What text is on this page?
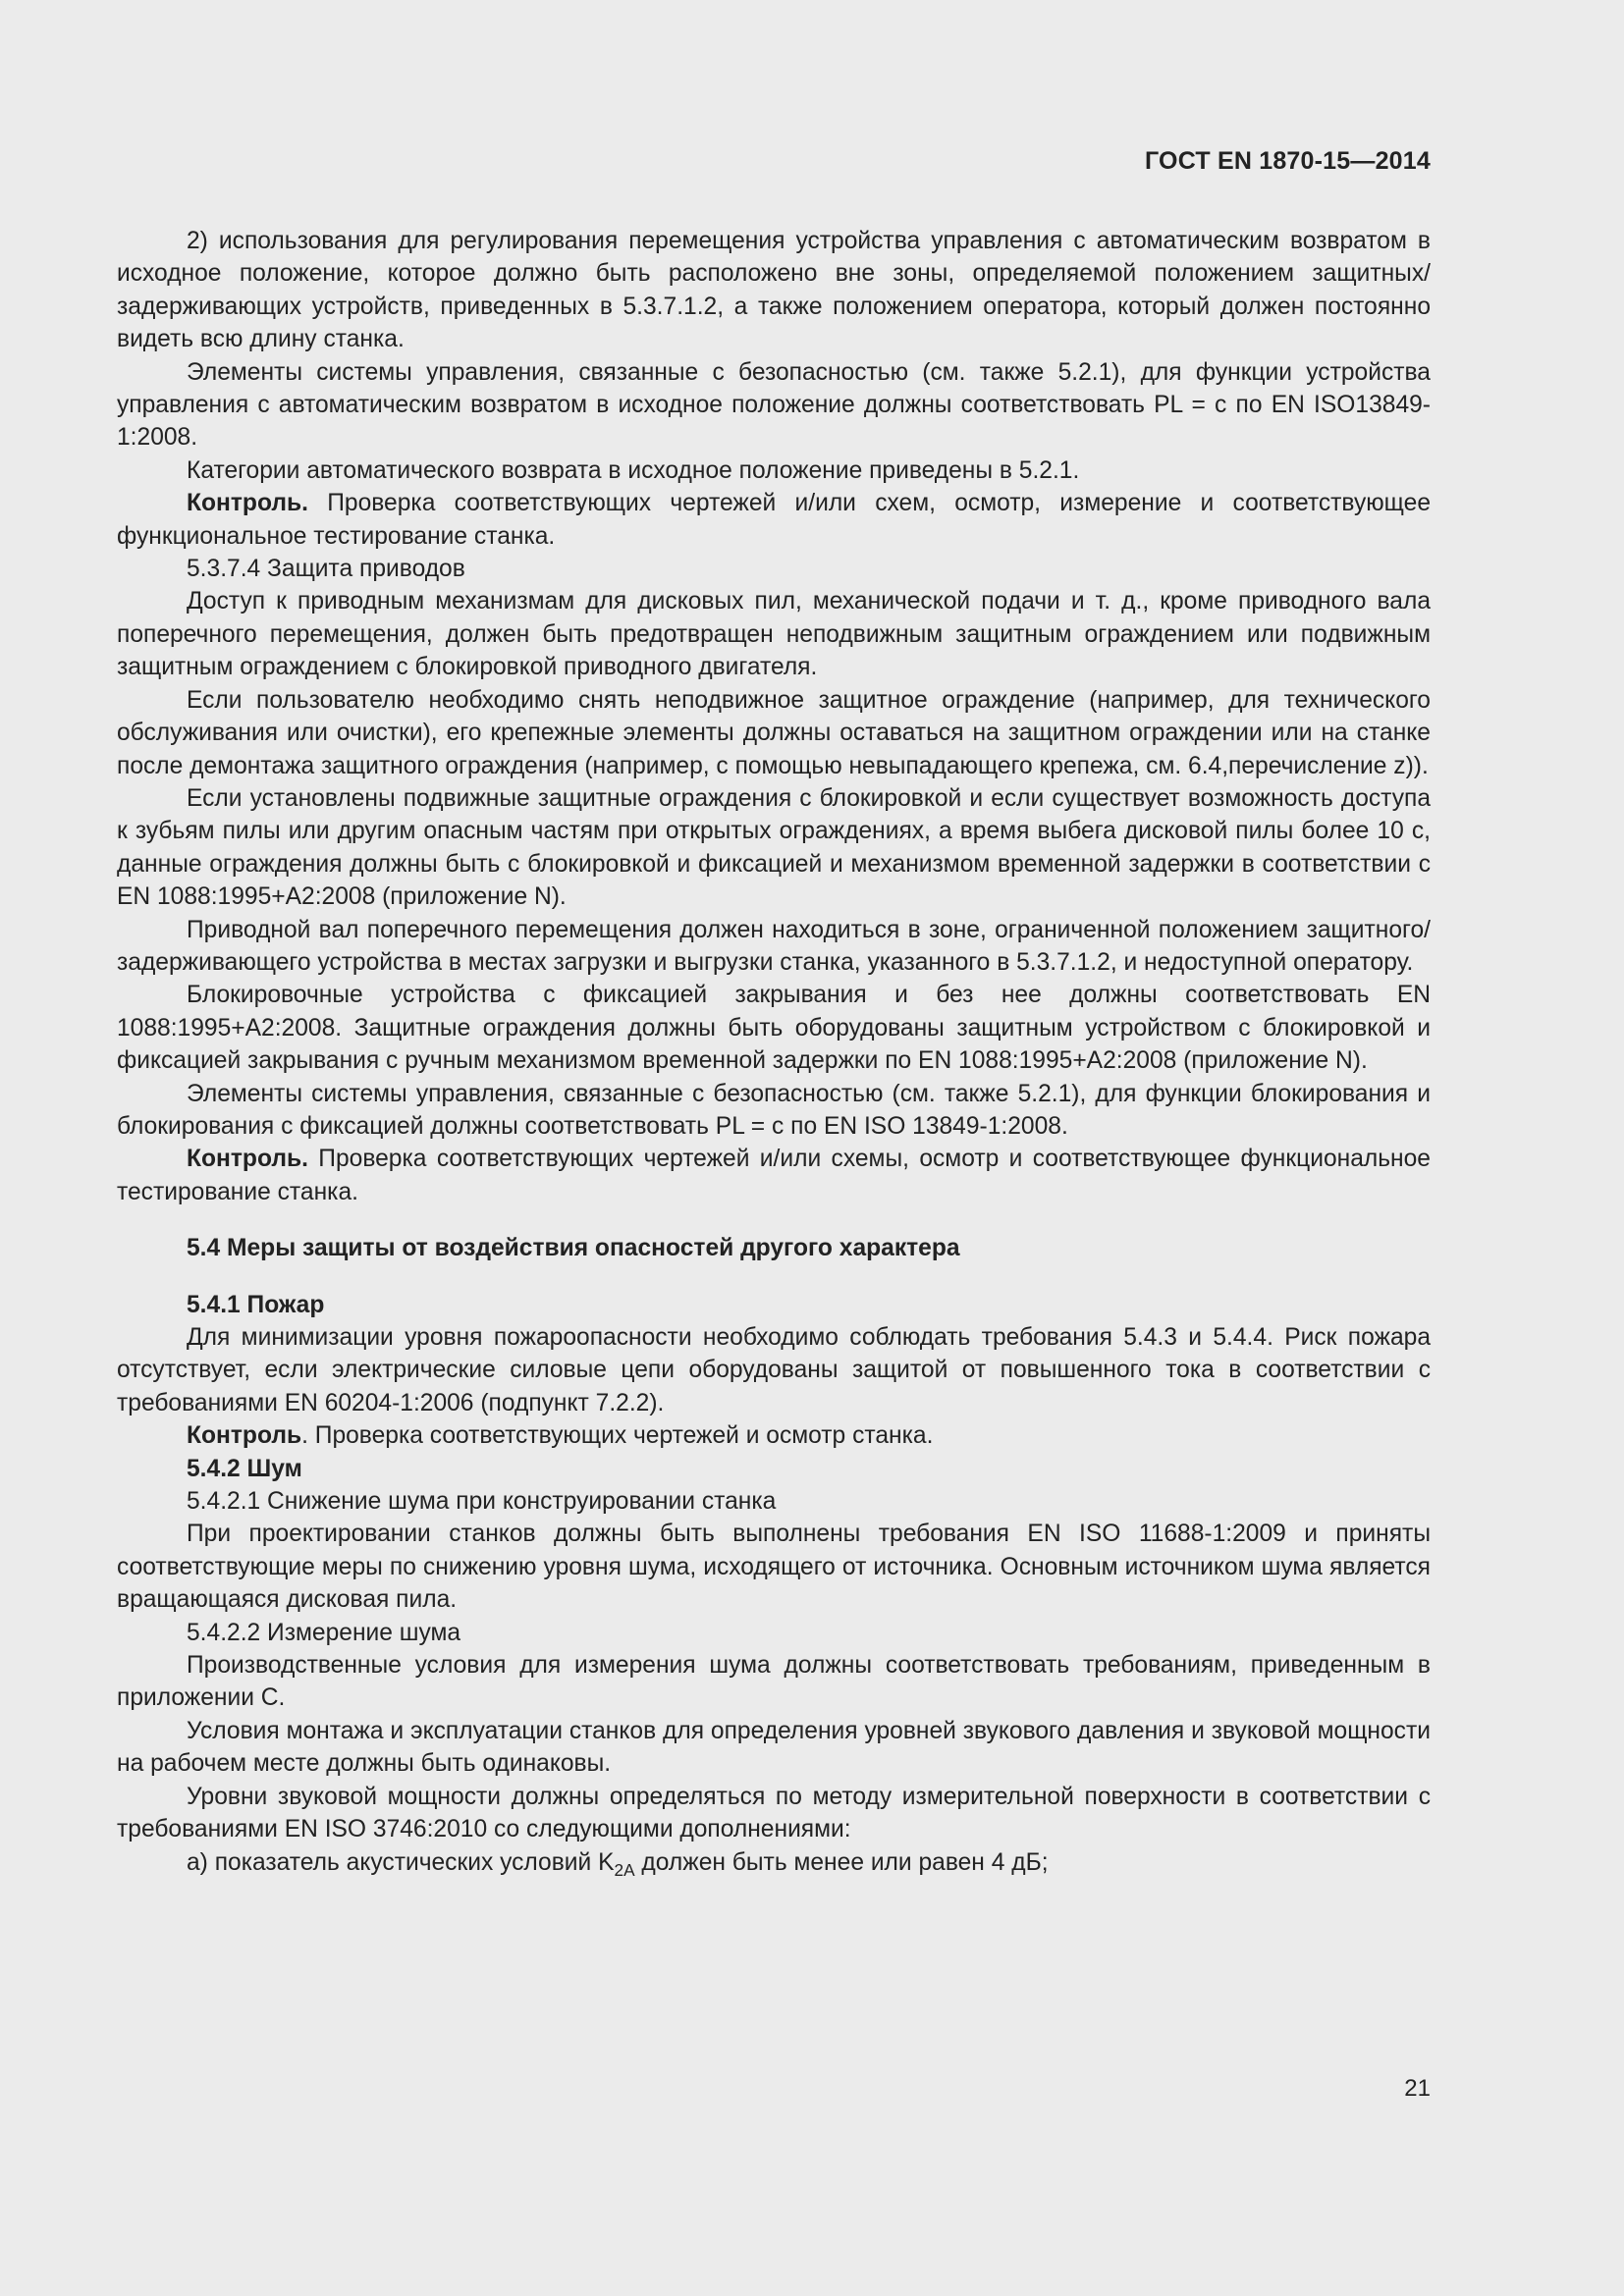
ГОСТ EN 1870-15—2014

2) использования для регулирования перемещения устройства управления с автоматическим возвратом в исходное положение, которое должно быть расположено вне зоны, определяемой положением защитных/задерживающих устройств, приведенных в 5.3.7.1.2, а также положением оператора, который должен постоянно видеть всю длину станка.

Элементы системы управления, связанные с безопасностью (см. также 5.2.1), для функции устройства управления с автоматическим возвратом в исходное положение должны соответствовать PL = с по EN ISO13849-1:2008.

Категории автоматического возврата в исходное положение приведены в 5.2.1.

Контроль. Проверка соответствующих чертежей и/или схем, осмотр, измерение и соответствующее функциональное тестирование станка.

5.3.7.4 Защита приводов

Доступ к приводным механизмам для дисковых пил, механической подачи и т. д., кроме приводного вала поперечного перемещения, должен быть предотвращен неподвижным защитным ограждением или подвижным защитным ограждением с блокировкой приводного двигателя.

Если пользователю необходимо снять неподвижное защитное ограждение (например, для технического обслуживания или очистки), его крепежные элементы должны оставаться на защитном ограждении или на станке после демонтажа защитного ограждения (например, с помощью невыпадающего крепежа, см. 6.4,перечисление z)).

Если установлены подвижные защитные ограждения с блокировкой и если существует возможность доступа к зубьям пилы или другим опасным частям при открытых ограждениях, а время выбега дисковой пилы более 10 с, данные ограждения должны быть с блокировкой и фиксацией и механизмом временной задержки в соответствии с EN 1088:1995+А2:2008 (приложение N).

Приводной вал поперечного перемещения должен находиться в зоне, ограниченной положением защитного/задерживающего устройства в местах загрузки и выгрузки станка, указанного в 5.3.7.1.2, и недоступной оператору.

Блокировочные устройства с фиксацией закрывания и без нее должны соответствовать EN 1088:1995+А2:2008. Защитные ограждения должны быть оборудованы защитным устройством с блокировкой и фиксацией закрывания с ручным механизмом временной задержки по EN 1088:1995+А2:2008 (приложение N).

Элементы системы управления, связанные с безопасностью (см. также 5.2.1), для функции блокирования и блокирования с фиксацией должны соответствовать PL = с по EN ISO 13849-1:2008.

Контроль. Проверка соответствующих чертежей и/или схемы, осмотр и соответствующее функциональное тестирование станка.

5.4 Меры защиты от воздействия опасностей другого характера

5.4.1 Пожар

Для минимизации уровня пожароопасности необходимо соблюдать требования 5.4.3 и 5.4.4. Риск пожара отсутствует, если электрические силовые цепи оборудованы защитой от повышенного тока в соответствии с требованиями EN 60204-1:2006 (подпункт 7.2.2).

Контроль. Проверка соответствующих чертежей и осмотр станка.

5.4.2 Шум

5.4.2.1 Снижение шума при конструировании станка

При проектировании станков должны быть выполнены требования EN ISO 11688-1:2009 и приняты соответствующие меры по снижению уровня шума, исходящего от источника. Основным источником шума является вращающаяся дисковая пила.

5.4.2.2 Измерение шума

Производственные условия для измерения шума должны соответствовать требованиям, приведенным в приложении С.

Условия монтажа и эксплуатации станков для определения уровней звукового давления и звуковой мощности на рабочем месте должны быть одинаковы.

Уровни звуковой мощности должны определяться по методу измерительной поверхности в соответствии с требованиями EN ISO 3746:2010 со следующими дополнениями:

а) показатель акустических условий $K_{2A}$ должен быть менее или равен 4 дБ;

21
